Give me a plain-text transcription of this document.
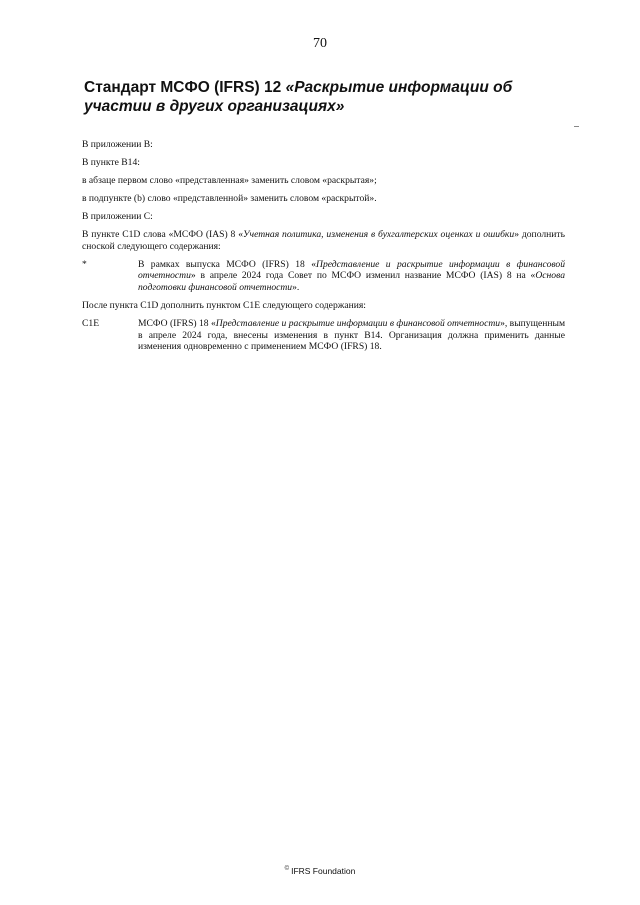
70
Стандарт МСФО (IFRS) 12 «Раскрытие информации об участии в других организациях»

В приложении В:

В пункте В14:

в абзаце первом слово «представленная» заменить словом «раскрытая»;

в подпункте (b) слово «представленной» заменить словом «раскрытой».

В приложении С:

В пункте C1D слова «МСФО (IAS) 8 «Учетная политика, изменения в бухгалтерских оценках и ошибки» дополнить сноской следующего содержания:

*	В рамках выпуска МСФО (IFRS) 18 «Представление и раскрытие информации в финансовой отчетности» в апреле 2024 года Совет по МСФО изменил название МСФО (IAS) 8 на «Основа подготовки финансовой отчетности».

После пункта C1D дополнить пунктом C1E следующего содержания:

C1E	МСФО (IFRS) 18 «Представление и раскрытие информации в финансовой отчетности», выпущенным в апреле 2024 года, внесены изменения в пункт В14. Организация должна применить данные изменения одновременно с применением МСФО (IFRS) 18.
© IFRS Foundation
